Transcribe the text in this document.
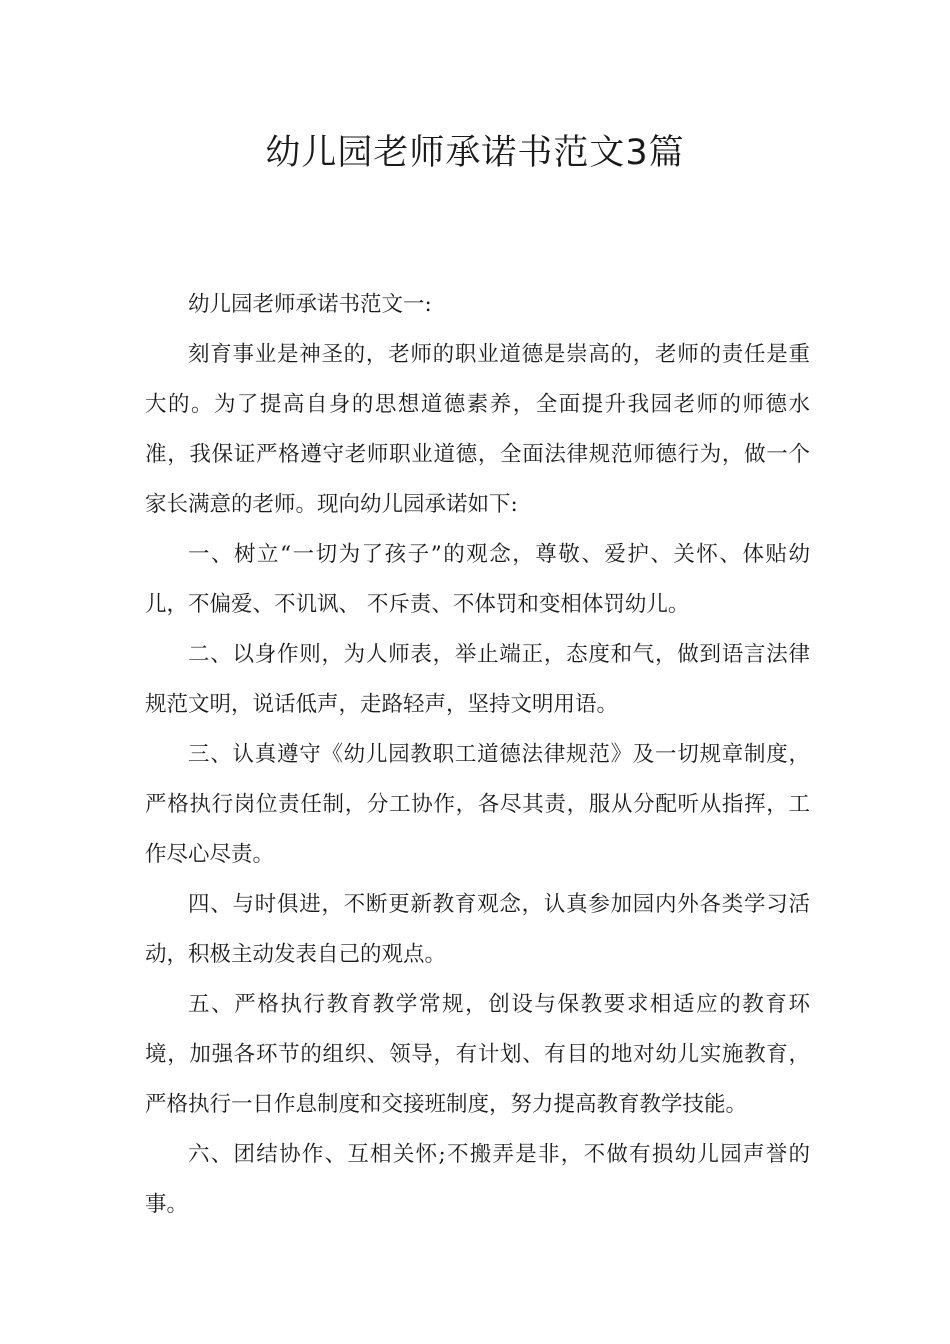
幼儿园老师承诺书范文3篇

幼儿园老师承诺书范文一:

刻育事业是神圣的，老师的职业道德是崇高的，老师的责任是重大的。为了提高自身的思想道德素养，全面提升我园老师的师德水准，我保证严格遵守老师职业道德，全面法律规范师德行为，做一个家长满意的老师。现向幼儿园承诺如下:

一、树立“一切为了孩子”的观念，尊敬、爱护、关怀、体贴幼儿，不偏爱、不讥讽、 不斥责、不体罚和变相体罚幼儿。

二、以身作则，为人师表，举止端正，态度和气，做到语言法律规范文明，说话低声，走路轻声，坚持文明用语。

三、认真遵守《幼儿园教职工道德法律规范》及一切规章制度，严格执行岗位责任制，分工协作，各尽其责，服从分配听从指挥，工作尽心尽责。

四、与时俱进，不断更新教育观念，认真参加园内外各类学习活动，积极主动发表自己的观点。

五、严格执行教育教学常规，创设与保教要求相适应的教育环境，加强各环节的组织、领导，有计划、有目的地对幼儿实施教育，严格执行一日作息制度和交接班制度，努力提高教育教学技能。

六、团结协作、互相关怀;不搬弄是非，不做有损幼儿园声誉的事。
